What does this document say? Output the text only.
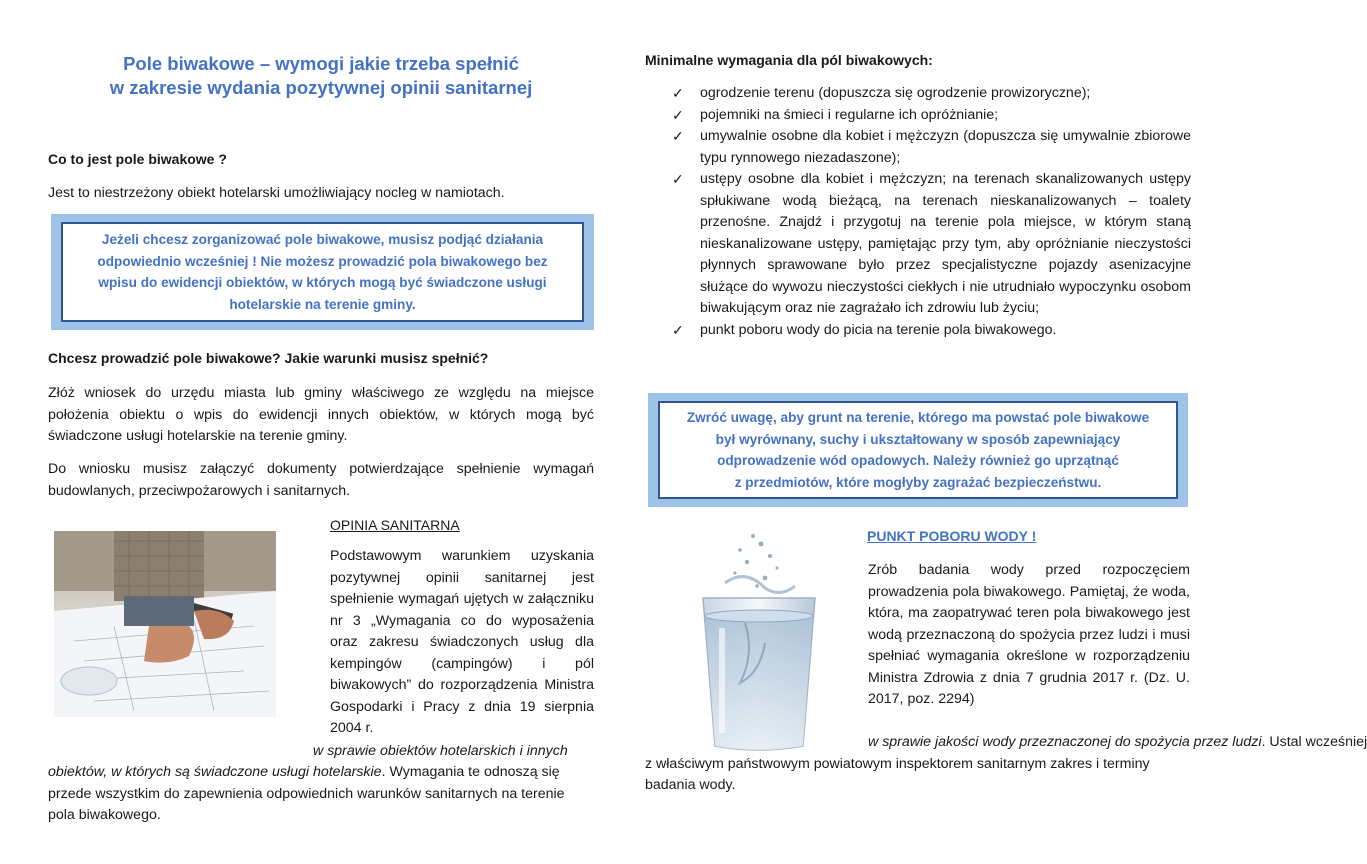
Pole biwakowe – wymogi jakie trzeba spełnić
w zakresie wydania pozytywnej opinii sanitarnej
Co to jest pole biwakowe ?
Jest to niestrzeżony obiekt hotelarski umożliwiający nocleg w namiotach.
Jeżeli chcesz zorganizować pole biwakowe, musisz podjąć działania
odpowiednio wcześniej ! Nie możesz prowadzić pola biwakowego bez
wpisu do ewidencji obiektów, w których mogą być świadczone usługi
hotelarskie na terenie gminy.
Chcesz prowadzić pole biwakowe? Jakie warunki musisz spełnić?
Złóż wniosek do urzędu miasta lub gminy właściwego ze względu na miejsce położenia obiektu o wpis do ewidencji innych obiektów, w których mogą być świadczone usługi hotelarskie na terenie gminy.
Do wniosku musisz załączyć dokumenty potwierdzające spełnienie wymagań budowlanych, przeciwpożarowych i sanitarnych.
OPINIA SANITARNA
Podstawowym warunkiem uzyskania pozytywnej opinii sanitarnej jest spełnienie wymagań ujętych w załączniku nr 3 „Wymagania co do wyposażenia oraz zakresu świadczonych usług dla kempingów (campingów) i pól biwakowych” do rozporządzenia Ministra Gospodarki i Pracy z dnia 19 sierpnia 2004 r.
w sprawie obiektów hotelarskich i innych
obiektów, w których są świadczone usługi hotelarskie. Wymagania te odnoszą się
przede wszystkim do zapewnienia odpowiednich warunków sanitarnych na terenie
pola biwakowego.
Minimalne wymagania dla pól biwakowych:
✓ ogrodzenie terenu (dopuszcza się ogrodzenie prowizoryczne);
✓ pojemniki na śmieci i regularne ich opróżnianie;
✓ umywalnie osobne dla kobiet i mężczyzn (dopuszcza się umywalnie zbiorowe typu rynnowego niezadaszone);
✓ ustępy osobne dla kobiet i mężczyzn; na terenach skanalizowanych ustępy spłukiwane wodą bieżącą, na terenach nieskanalizowanych – toalety przenośne. Znajdź i przygotuj na terenie pola miejsce, w którym staną nieskanalizowane ustępy, pamiętając przy tym, aby opróżnianie nieczystości płynnych sprawowane było przez specjalistyczne pojazdy asenizacyjne służące do wywozu nieczystości ciekłych i nie utrudniało wypoczynku osobom biwakującym oraz nie zagrażało ich zdrowiu lub życiu;
✓ punkt poboru wody do picia na terenie pola biwakowego.
Zwróć uwagę, aby grunt na terenie, którego ma powstać pole biwakowe
był wyrównany, suchy i ukształtowany w sposób zapewniający
odprowadzenie wód opadowych. Należy również go uprzątnąć
z przedmiotów, które mogłyby zagrażać bezpieczeństwu.
PUNKT POBORU WODY !
Zrób badania wody przed rozpoczęciem prowadzenia pola biwakowego. Pamiętaj, że woda, która, ma zaopatrywać teren pola biwakowego jest wodą przeznaczoną do spożycia przez ludzi i musi spełniać wymagania określone w rozporządzeniu Ministra Zdrowia z dnia 7 grudnia 2017 r. (Dz. U. 2017, poz. 2294)
w sprawie jakości wody przeznaczonej do spożycia przez ludzi. Ustal wcześniej
z właściwym państwowym powiatowym inspektorem sanitarnym zakres i terminy
badania wody.
